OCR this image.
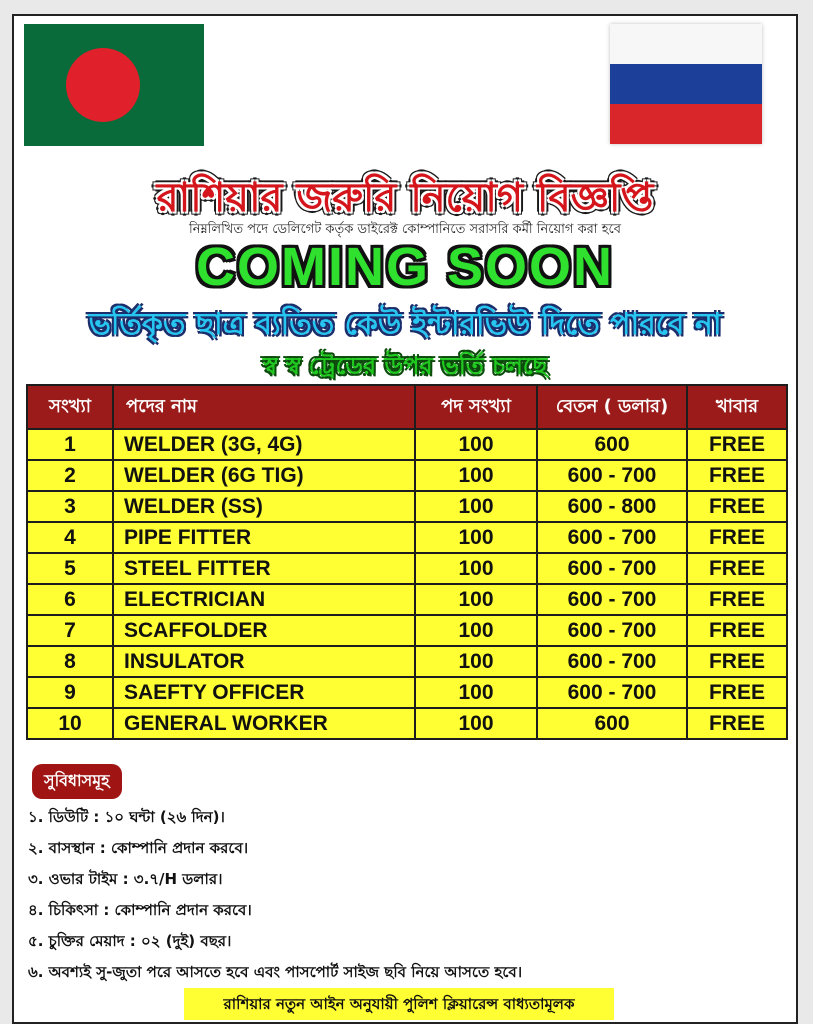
রাশিয়ার জরুরি নিয়োগ বিজ্ঞপ্তি
নিম্নলিখিত পদে ডেলিগেট কর্তৃক ডাইরেক্ট কোম্পানিতে সরাসরি কর্মী নিয়োগ করা হবে
COMING SOON
ভর্তিকৃত ছাত্র ব্যতিত কেউ ইন্টারভিউ দিতে পারবে না
স্ব স্ব ট্রেডের উপর ভর্তি চলছে
সংখ্যা	পদের নাম	পদ সংখ্যা	বেতন ( ডলার)	খাবার
1	WELDER (3G, 4G)	100	600	FREE
2	WELDER (6G TIG)	100	600 - 700	FREE
3	WELDER (SS)	100	600 - 800	FREE
4	PIPE FITTER	100	600 - 700	FREE
5	STEEL FITTER	100	600 - 700	FREE
6	ELECTRICIAN	100	600 - 700	FREE
7	SCAFFOLDER	100	600 - 700	FREE
8	INSULATOR	100	600 - 700	FREE
9	SAEFTY OFFICER	100	600 - 700	FREE
10	GENERAL WORKER	100	600	FREE
সুবিধাসমূহ
১. ডিউটি : ১০ ঘন্টা (২৬ দিন)।
২. বাসস্থান : কোম্পানি প্রদান করবে।
৩. ওভার টাইম : ৩.৭/H ডলার।
৪. চিকিৎসা : কোম্পানি প্রদান করবে।
৫. চুক্তির মেয়াদ : ০২ (দুই) বছর।
৬. অবশ্যই সু-জুতা পরে আসতে হবে এবং পাসপোর্ট সাইজ ছবি নিয়ে আসতে হবে।
রাশিয়ার নতুন আইন অনুযায়ী পুলিশ ক্লিয়ারেন্স বাধ্যতামূলক
